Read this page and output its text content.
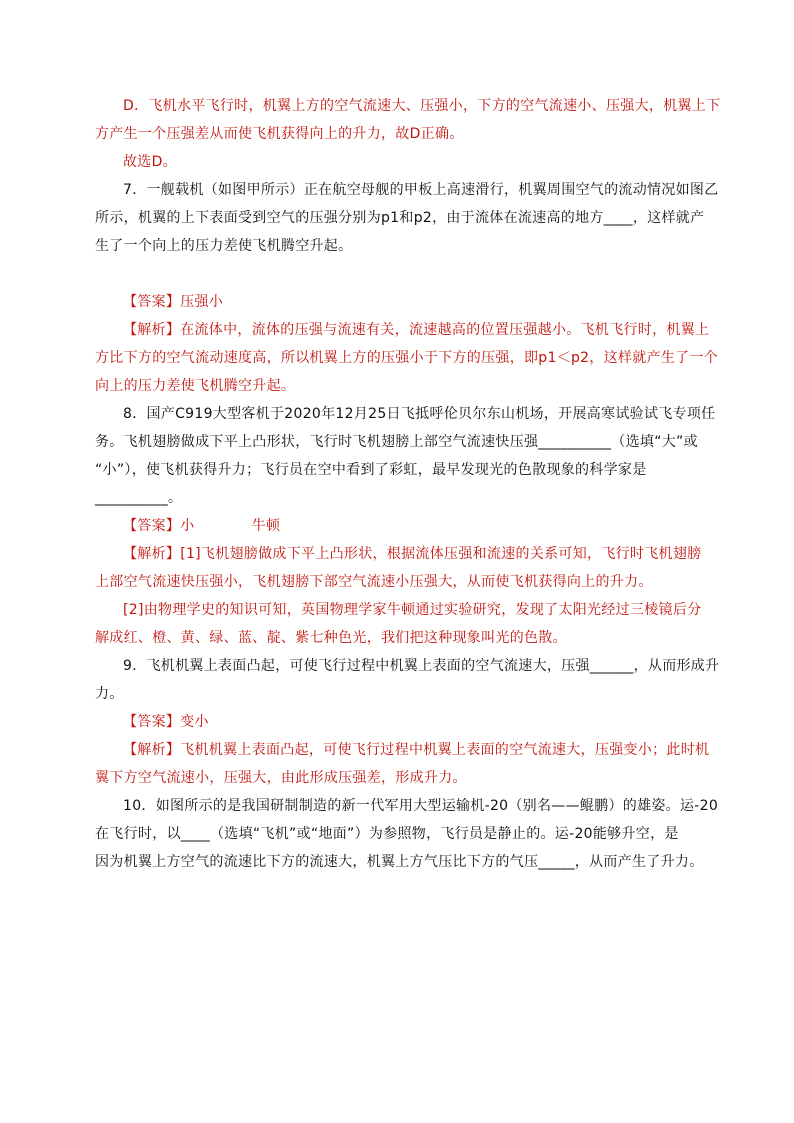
D．飞机水平飞行时，机翼上方的空气流速大、压强小，下方的空气流速小、压强大，机翼上下
方产生一个压强差从而使飞机获得向上的升力，故D正确。
故选D。
7．一舰载机（如图甲所示）正在航空母舰的甲板上高速滑行，机翼周围空气的流动情况如图乙
所示，机翼的上下表面受到空气的压强分别为p1和p2，由于流体在流速高的地方____，这样就产
生了一个向上的压力差使飞机腾空升起。
【答案】压强小
【解析】在流体中，流体的压强与流速有关，流速越高的位置压强越小。飞机飞行时，机翼上
方比下方的空气流动速度高，所以机翼上方的压强小于下方的压强，即p1＜p2，这样就产生了一个
向上的压力差使飞机腾空升起。
8．国产C919大型客机于2020年12月25日飞抵呼伦贝尔东山机场，开展高寒试验试飞专项任
务。飞机翅膀做成下平上凸形状，飞行时飞机翅膀上部空气流速快压强__________（选填“大”或
“小”），使飞机获得升力；飞行员在空中看到了彩虹，最早发现光的色散现象的科学家是
__________。
【答案】小　　　　牛顿
【解析】[1]飞机翅膀做成下平上凸形状，根据流体压强和流速的关系可知，飞行时飞机翅膀
上部空气流速快压强小，飞机翅膀下部空气流速小压强大，从而使飞机获得向上的升力。
[2]由物理学史的知识可知，英国物理学家牛顿通过实验研究，发现了太阳光经过三棱镜后分
解成红、橙、黄、绿、蓝、靛、紫七种色光，我们把这种现象叫光的色散。
9．飞机机翼上表面凸起，可使飞行过程中机翼上表面的空气流速大，压强______，从而形成升
力。
【答案】变小
【解析】飞机机翼上表面凸起，可使飞行过程中机翼上表面的空气流速大，压强变小；此时机
翼下方空气流速小，压强大，由此形成压强差，形成升力。
10．如图所示的是我国研制制造的新一代军用大型运输机-20（别名——鲲鹏）的雄姿。运-20
在飞行时，以____（选填“飞机”或“地面”）为参照物，飞行员是静止的。运-20能够升空，是
因为机翼上方空气的流速比下方的流速大，机翼上方气压比下方的气压_____，从而产生了升力。
